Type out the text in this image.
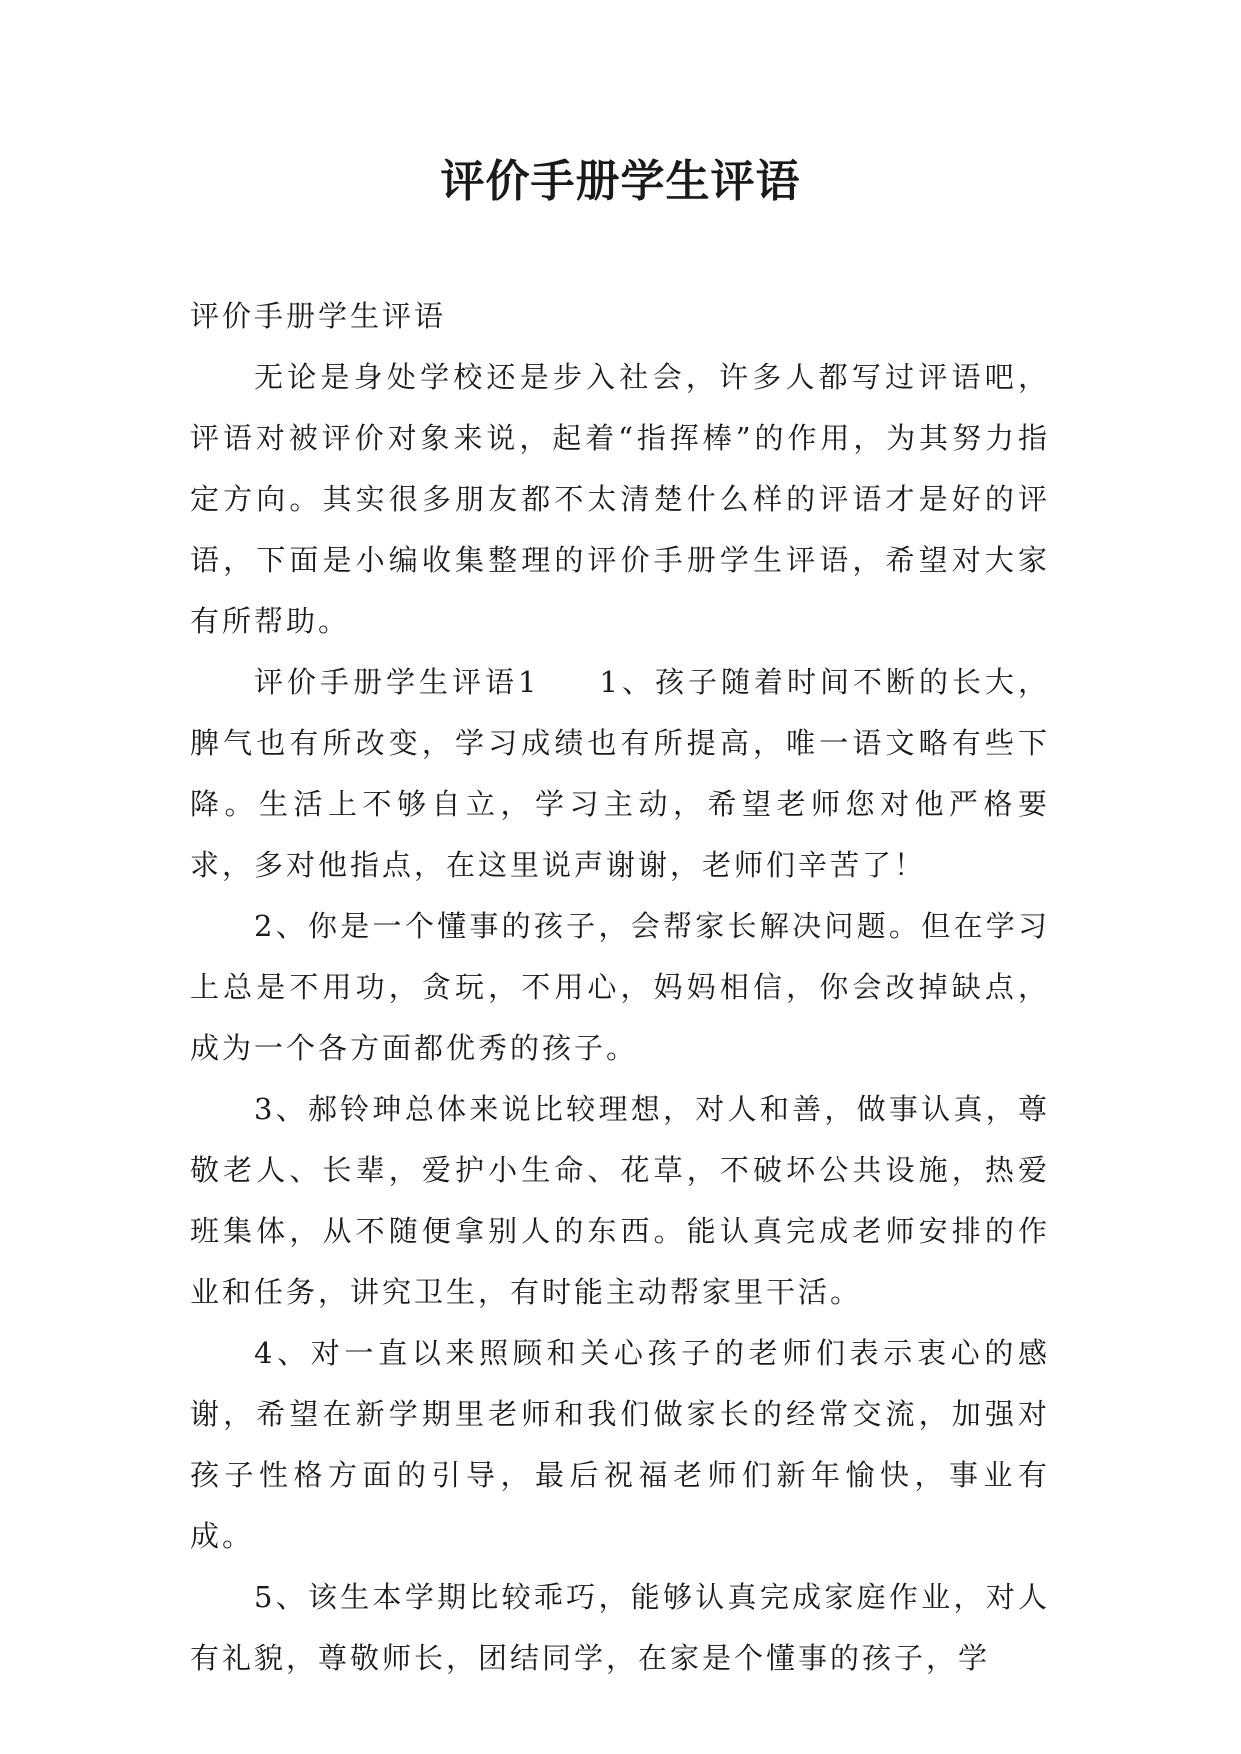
评价手册学生评语

评价手册学生评语

无论是身处学校还是步入社会，许多人都写过评语吧，评语对被评价对象来说，起着“指挥棒”的作用，为其努力指定方向。其实很多朋友都不太清楚什么样的评语才是好的评语，下面是小编收集整理的评价手册学生评语，希望对大家有所帮助。

评价手册学生评语1 1、孩子随着时间不断的长大，脾气也有所改变，学习成绩也有所提高，唯一语文略有些下降。生活上不够自立，学习主动，希望老师您对他严格要求，多对他指点，在这里说声谢谢，老师们辛苦了！

2、你是一个懂事的孩子，会帮家长解决问题。但在学习上总是不用功，贪玩，不用心，妈妈相信，你会改掉缺点，成为一个各方面都优秀的孩子。

3、郝铃珅总体来说比较理想，对人和善，做事认真，尊敬老人、长辈，爱护小生命、花草，不破坏公共设施，热爱班集体，从不随便拿别人的东西。能认真完成老师安排的作业和任务，讲究卫生，有时能主动帮家里干活。

4、对一直以来照顾和关心孩子的老师们表示衷心的感谢，希望在新学期里老师和我们做家长的经常交流，加强对孩子性格方面的引导，最后祝福老师们新年愉快，事业有成。

5、该生本学期比较乖巧，能够认真完成家庭作业，对人有礼貌，尊敬师长，团结同学，在家是个懂事的孩子，学
